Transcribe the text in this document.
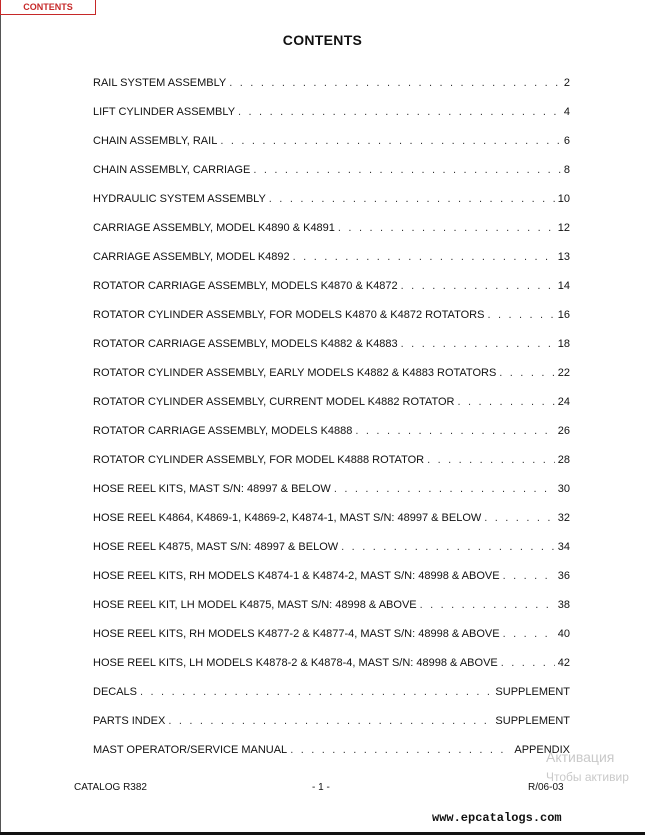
CONTENTS
CONTENTS
RAIL SYSTEM ASSEMBLY . . .	2
LIFT CYLINDER ASSEMBLY . . .	4
CHAIN ASSEMBLY, RAIL . . .	6
CHAIN ASSEMBLY, CARRIAGE . . .	8
HYDRAULIC SYSTEM ASSEMBLY . . .	10
CARRIAGE ASSEMBLY, MODEL K4890 & K4891 . . .	12
CARRIAGE ASSEMBLY, MODEL K4892 . . .	13
ROTATOR CARRIAGE ASSEMBLY, MODELS K4870 & K4872 . . .	14
ROTATOR CYLINDER ASSEMBLY, FOR MODELS K4870 & K4872 ROTATORS . . .	16
ROTATOR CARRIAGE ASSEMBLY, MODELS K4882 & K4883 . . .	18
ROTATOR CYLINDER ASSEMBLY, EARLY MODELS K4882 & K4883 ROTATORS . . .	22
ROTATOR CYLINDER ASSEMBLY, CURRENT MODEL K4882 ROTATOR . . .	24
ROTATOR CARRIAGE ASSEMBLY, MODELS K4888 . . .	26
ROTATOR CYLINDER ASSEMBLY, FOR MODEL K4888 ROTATOR . . .	28
HOSE REEL KITS, MAST S/N: 48997 & BELOW . . .	30
HOSE REEL K4864, K4869-1, K4869-2, K4874-1, MAST S/N: 48997 & BELOW . . .	32
HOSE REEL K4875, MAST S/N: 48997 & BELOW . . .	34
HOSE REEL KITS, RH MODELS K4874-1 & K4874-2, MAST S/N: 48998 & ABOVE . . .	36
HOSE REEL KIT, LH MODEL K4875, MAST S/N: 48998 & ABOVE . . .	38
HOSE REEL KITS, RH MODELS K4877-2 & K4877-4, MAST S/N: 48998 & ABOVE . . .	40
HOSE REEL KITS, LH MODELS K4878-2 & K4878-4, MAST S/N: 48998 & ABOVE . . .	42
DECALS . . .	SUPPLEMENT
PARTS INDEX . . .	SUPPLEMENT
MAST OPERATOR/SERVICE MANUAL . . .	APPENDIX
CATALOG R382	- 1 -	R/06-03
Активация
Чтобы активир
www.epcatalogs.com
